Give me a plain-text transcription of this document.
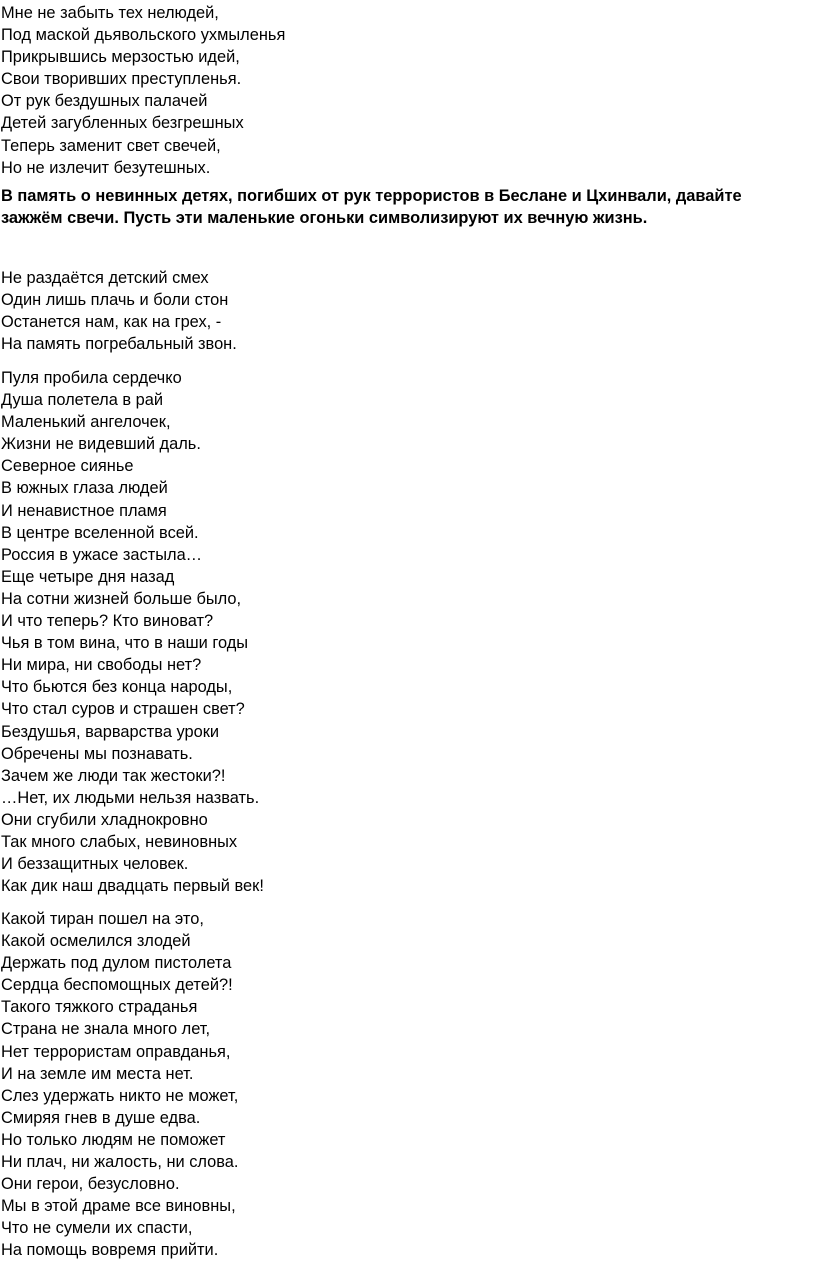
Мне не забыть тех нелюдей,
Под маской дьявольского ухмыленья
Прикрывшись мерзостью идей,
Свои творивших преступленья.
От рук бездушных палачей
Детей загубленных безгрешных
Теперь заменит свет свечей,
Но не излечит безутешных.

В память о невинных детях, погибших от рук террористов в Беслане и Цхинвали, давайте зажжём свечи. Пусть эти маленькие огоньки символизируют их вечную жизнь.

Не раздаётся детский смех
Один лишь плачь и боли стон
Останется нам, как на грех, -
На память погребальный звон.
Пуля пробила сердечко
Душа полетела в рай
Маленький ангелочек,
Жизни не видевший даль.
Северное сиянье
В южных глаза людей
И ненавистное пламя
В центре вселенной всей.
Россия в ужасе застыла…
Еще четыре дня назад
На сотни жизней больше было,
И что теперь? Кто виноват?
Чья в том вина, что в наши годы
Ни мира, ни свободы нет?
Что бьются без конца народы,
Что стал суров и страшен свет?
Бездушья, варварства уроки
Обречены мы познавать.
Зачем же люди так жестоки?!
…Нет, их людьми нельзя назвать.
Они сгубили хладнокровно
Так много слабых, невиновных
И беззащитных человек.
Как дик наш двадцать первый век!
Какой тиран пошел на это,
Какой осмелился злодей
Держать под дулом пистолета
Сердца беспомощных детей?!
Такого тяжкого страданья
Страна не знала много лет,
Нет террористам оправданья,
И на земле им места нет.
Слез удержать никто не может,
Смиряя гнев в душе едва.
Но только людям не поможет
Ни плач, ни жалость, ни слова.
Они герои, безусловно.
Мы в этой драме все виновны,
Что не сумели их спасти,
На помощь вовремя прийти.
